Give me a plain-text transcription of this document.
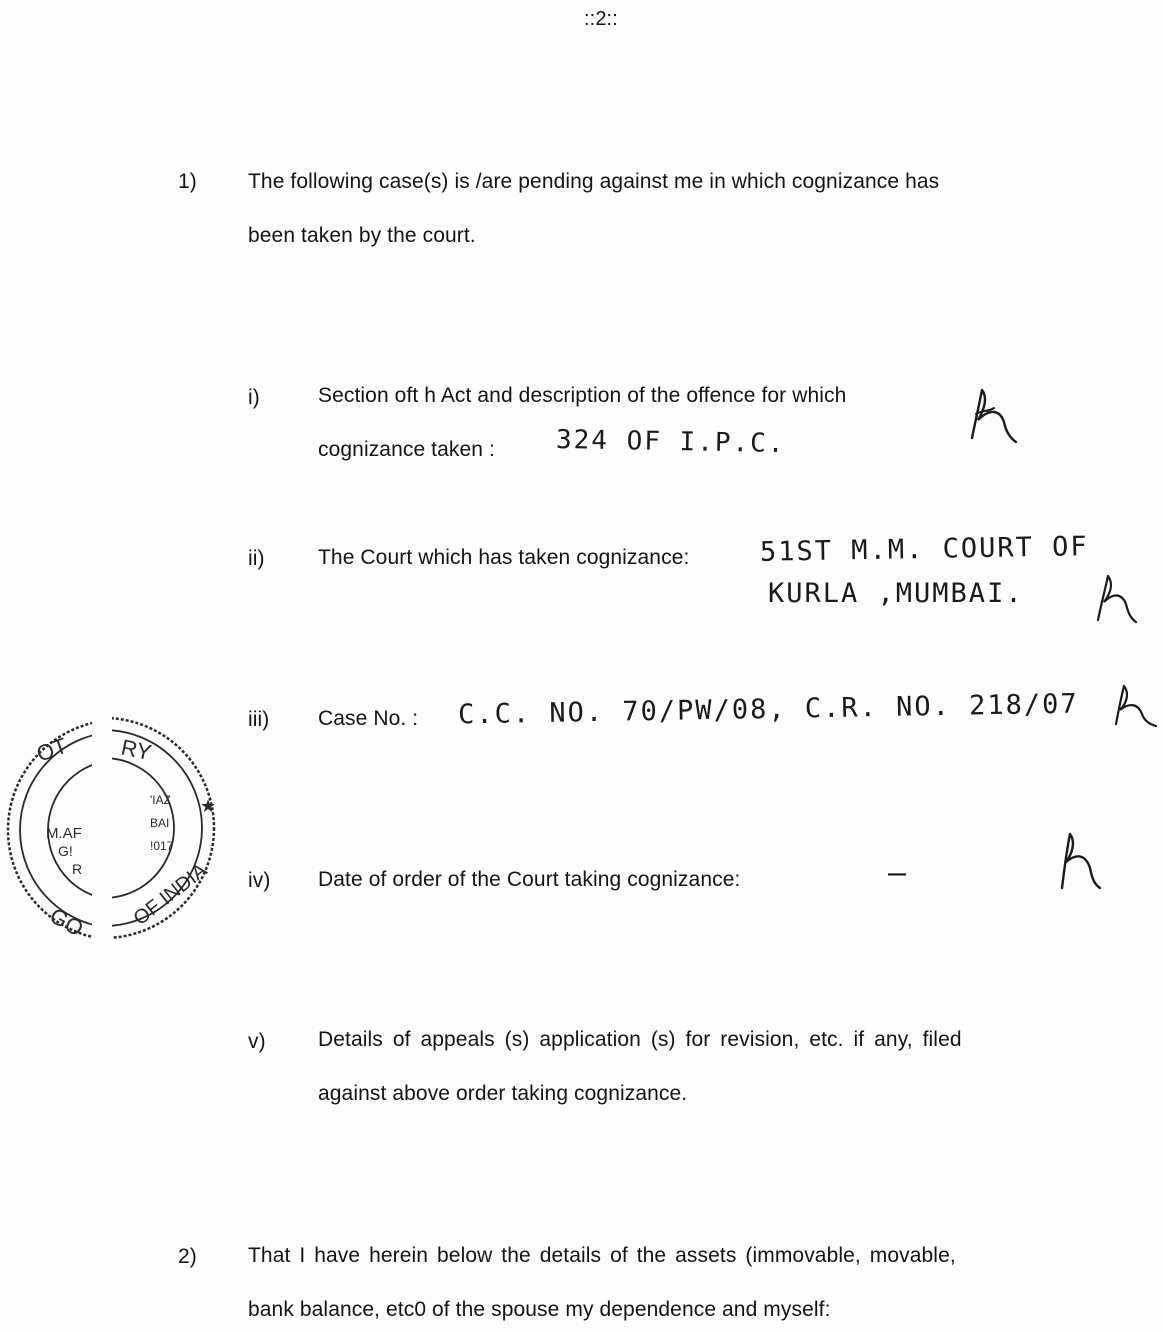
::2::
1) The following case(s) is /are pending against me in which cognizance has
been taken by the court.
i)	Section oft h Act and description of the offence for which
cognizance taken : 324 OF I.P.C.
ii)	The Court which has taken cognizance:	51ST M.M. COURT OF
KURLA ,MUMBAI.
iii) Case No. : C.C. NO. 70/PW/08, C.R. NO. 218/07
iv) Date of order of the Court taking cognizance:	—
v) Details of appeals (s) application (s) for revision, etc. if any, filed
against above order taking cognizance.
2) That I have herein below the details of the assets (immovable, movable,
bank balance, etc0 of the spouse my dependence and myself:
OT RY
M.AF
G!
R
'IAZ
BAI
!017
★
GO OF INDIA
